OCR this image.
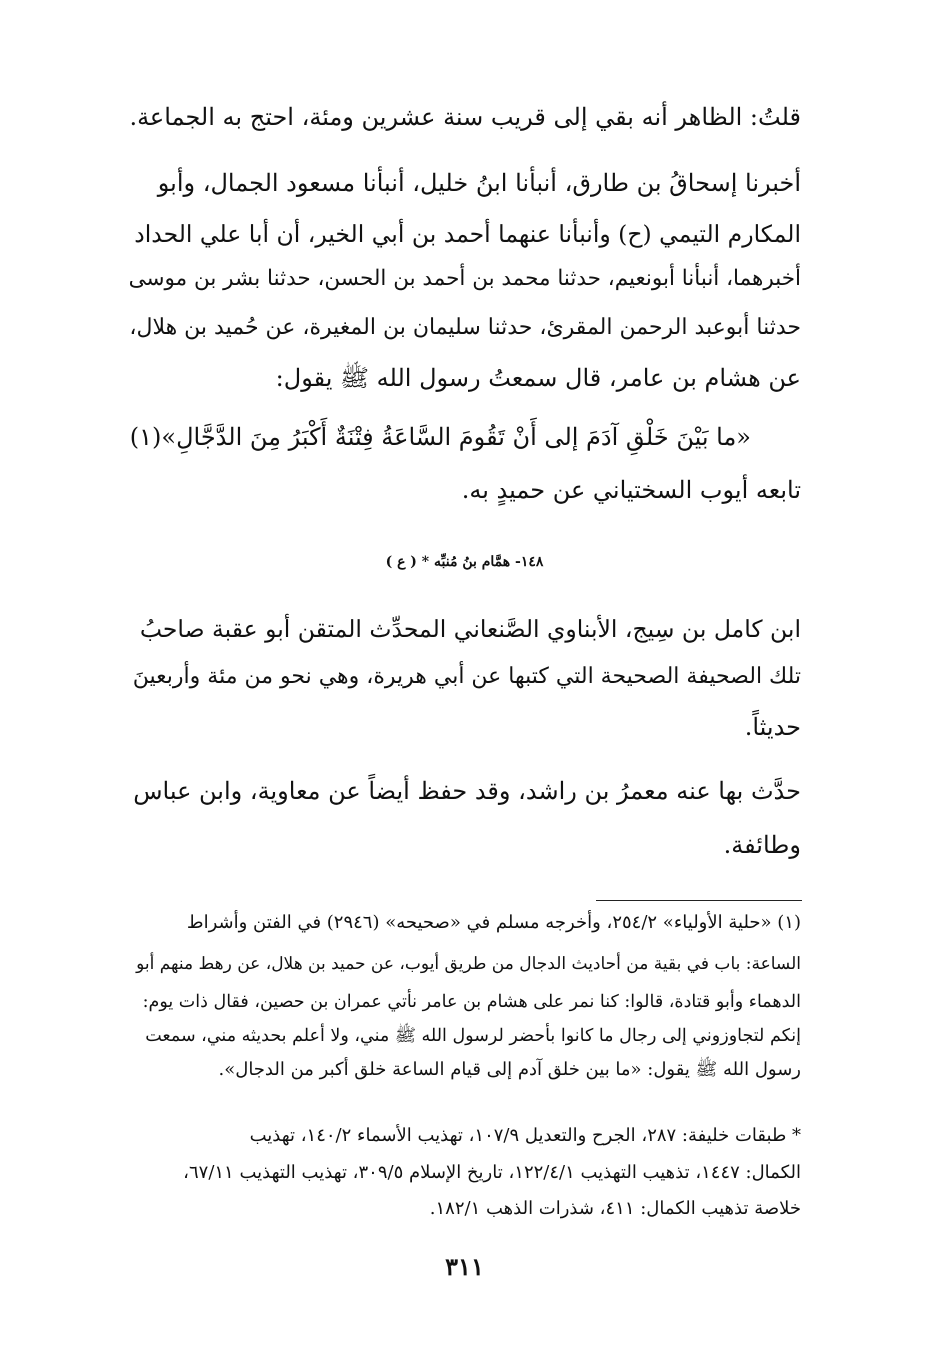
قلتُ: الظاهر أنه بقي إلى قريب سنة عشرين ومئة، احتج به الجماعة.
أخبرنا إسحاقُ بن طارق، أنبأنا ابنُ خليل، أنبأنا مسعود الجمال، وأبو
المكارم التيمي (ح) وأنبأنا عنهما أحمد بن أبي الخير، أن أبا علي الحداد
أخبرهما، أنبأنا أبونعيم، حدثنا محمد بن أحمد بن الحسن، حدثنا بشر بن موسى
حدثنا أبوعبد الرحمن المقرئ، حدثنا سليمان بن المغيرة، عن حُميد بن هلال،
عن هشام بن عامر، قال سمعتُ رسول الله ﷺ يقول:
«ما بَيْنَ خَلْقِ آدَمَ إلى أَنْ تَقُومَ السَّاعَةُ فِتْنَةٌ أَكْبَرُ مِنَ الدَّجَّالِ»(١)
تابعه أيوب السختياني عن حميدٍ به.
١٤٨- همَّام بنُ مُنبِّه * ( ع )
ابن كامل بن سِيج، الأبناوي الصَّنعاني المحدِّث المتقن أبو عقبة صاحبُ
تلك الصحيفة الصحيحة التي كتبها عن أبي هريرة، وهي نحو من مئة وأربعينَ
حديثاً.
حدَّث بها عنه معمرُ بن راشد، وقد حفظ أيضاً عن معاوية، وابن عباس
وطائفة.
(١) «حلية الأولياء» ٢٥٤/٢، وأخرجه مسلم في «صحيحه» (٢٩٤٦) في الفتن وأشراط
الساعة: باب في بقية من أحاديث الدجال من طريق أيوب، عن حميد بن هلال، عن رهط منهم أبو
الدهماء وأبو قتادة، قالوا: كنا نمر على هشام بن عامر نأتي عمران بن حصين، فقال ذات يوم:
إنكم لتجاوزوني إلى رجال ما كانوا بأحضر لرسول الله ﷺ مني، ولا أعلم بحديثه مني، سمعت
رسول الله ﷺ يقول: «ما بين خلق آدم إلى قيام الساعة خلق أكبر من الدجال».
* طبقات خليفة: ٢٨٧، الجرح والتعديل ١٠٧/٩، تهذيب الأسماء ١٤٠/٢، تهذيب
الكمال: ١٤٤٧، تذهيب التهذيب ١٢٢/٤/١، تاريخ الإسلام ٣٠٩/٥، تهذيب التهذيب ٦٧/١١،
خلاصة تذهيب الكمال: ٤١١، شذرات الذهب ١٨٢/١.
٣١١
